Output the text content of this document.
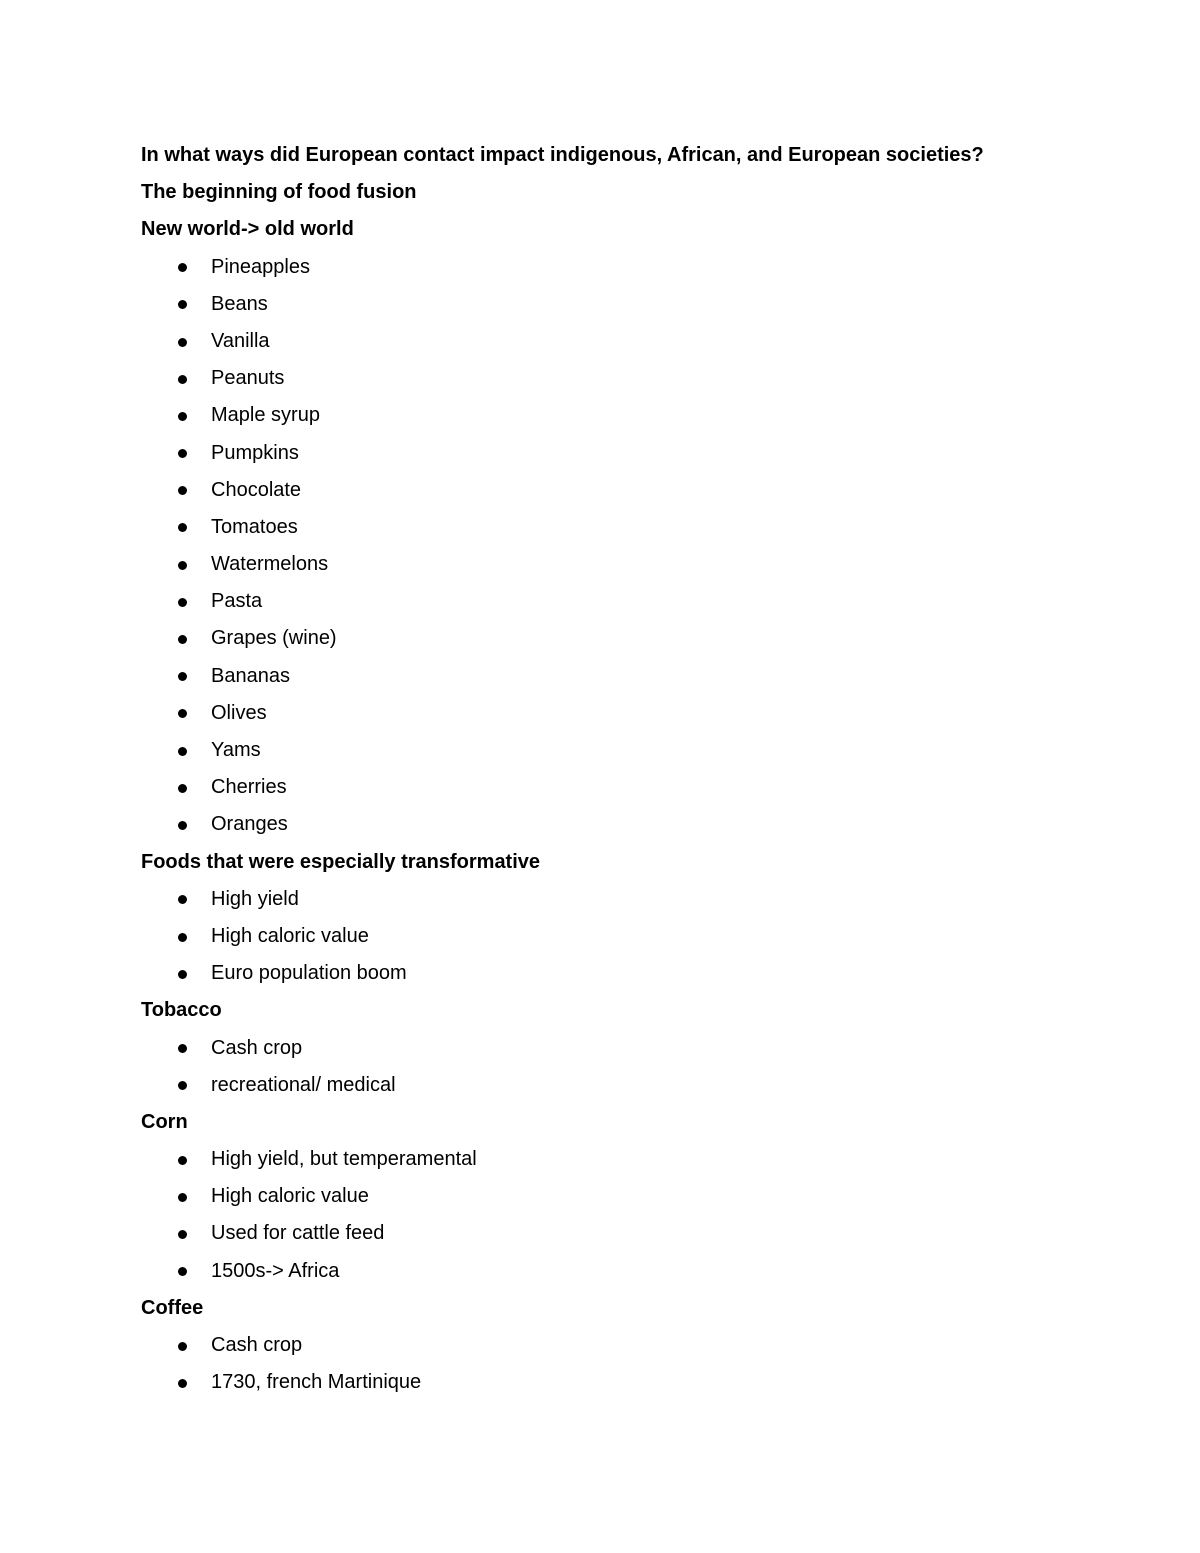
In what ways did European contact impact indigenous, African, and European societies?
The beginning of food fusion
New world-> old world
Pineapples
Beans
Vanilla
Peanuts
Maple syrup
Pumpkins
Chocolate
Tomatoes
Watermelons
Pasta
Grapes (wine)
Bananas
Olives
Yams
Cherries
Oranges
Foods that were especially transformative
High yield
High caloric value
Euro population boom
Tobacco
Cash crop
recreational/ medical
Corn
High yield, but temperamental
High caloric value
Used for cattle feed
1500s-> Africa
Coffee
Cash crop
1730, french Martinique
